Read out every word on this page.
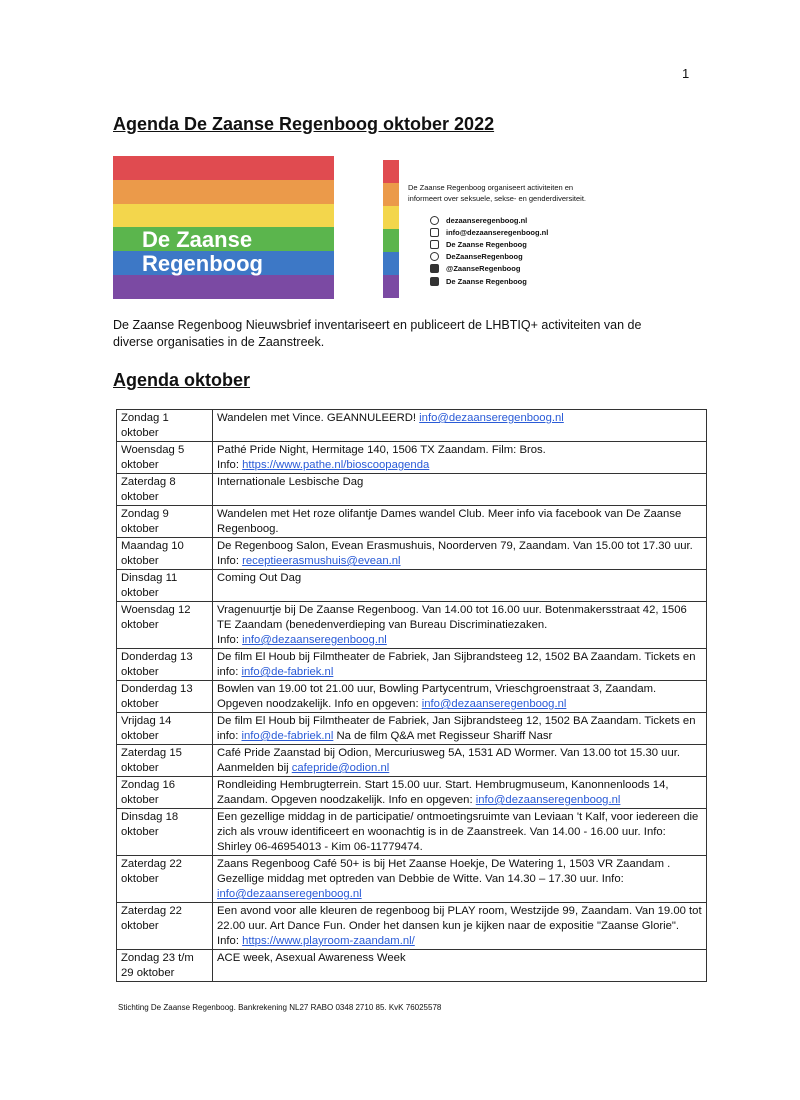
1
Agenda De Zaanse Regenboog oktober 2022
De Zaanse
Regenboog
De Zaanse Regenboog organiseert activiteiten en informeert over seksuele, sekse- en genderdiversiteit.
dezaanseregenboog.nl
info@dezaanseregenboog.nl
De Zaanse Regenboog
DeZaanseRegenboog
@ZaanseRegenboog
De Zaanse Regenboog

De Zaanse Regenboog Nieuwsbrief inventariseert en publiceert de LHBTIQ+ activiteiten van de diverse organisaties in de Zaanstreek.

Agenda oktober
Zondag 1 oktober	Wandelen met Vince. GEANNULEERD! info@dezaanseregenboog.nl
Woensdag 5 oktober	Pathé Pride Night, Hermitage 140, 1506 TX Zaandam. Film: Bros.
Info: https://www.pathe.nl/bioscoopagenda
Zaterdag 8 oktober	Internationale Lesbische Dag
Zondag 9 oktober	Wandelen met Het roze olifantje Dames wandel Club. Meer info via facebook van De Zaanse Regenboog.
Maandag 10 oktober	De Regenboog Salon, Evean Erasmushuis, Noorderven 79, Zaandam. Van 15.00 tot 17.30 uur. Info: receptieerasmushuis@evean.nl
Dinsdag 11 oktober	Coming Out Dag
Woensdag 12 oktober	Vragenuurtje bij De Zaanse Regenboog. Van 14.00 tot 16.00 uur. Botenmakersstraat 42, 1506 TE Zaandam (benedenverdieping van Bureau Discriminatiezaken.
Info: info@dezaanseregenboog.nl
Donderdag 13 oktober	De film El Houb bij Filmtheater de Fabriek, Jan Sijbrandsteeg 12, 1502 BA Zaandam. Tickets en info: info@de-fabriek.nl
Donderdag 13 oktober	Bowlen van 19.00 tot 21.00 uur, Bowling Partycentrum, Vrieschgroenstraat 3, Zaandam. Opgeven noodzakelijk. Info en opgeven: info@dezaanseregenboog.nl
Vrijdag 14 oktober	De film El Houb bij Filmtheater de Fabriek, Jan Sijbrandsteeg 12, 1502 BA Zaandam. Tickets en info: info@de-fabriek.nl Na de film Q&A met Regisseur Shariff Nasr
Zaterdag 15 oktober	Café Pride Zaanstad bij Odion, Mercuriusweg 5A, 1531 AD Wormer. Van 13.00 tot 15.30 uur. Aanmelden bij cafepride@odion.nl
Zondag 16 oktober	Rondleiding Hembrugterrein. Start 15.00 uur. Start. Hembrugmuseum, Kanonnenloods 14, Zaandam. Opgeven noodzakelijk. Info en opgeven: info@dezaanseregenboog.nl
Dinsdag 18 oktober	Een gezellige middag in de participatie/ ontmoetingsruimte van Leviaan 't Kalf, voor iedereen die zich als vrouw identificeert en woonachtig is in de Zaanstreek. Van 14.00 - 16.00 uur. Info: Shirley 06-46954013 - Kim 06-11779474.
Zaterdag 22 oktober	Zaans Regenboog Café 50+ is bij Het Zaanse Hoekje, De Watering 1, 1503 VR Zaandam . Gezellige middag met optreden van Debbie de Witte. Van 14.30 – 17.30 uur. Info: info@dezaanseregenboog.nl
Zaterdag 22 oktober	Een avond voor alle kleuren de regenboog bij PLAY room, Westzijde 99, Zaandam. Van 19.00 tot 22.00 uur. Art Dance Fun. Onder het dansen kun je kijken naar de expositie "Zaanse Glorie". Info: https://www.playroom-zaandam.nl/
Zondag 23 t/m 29 oktober	ACE week, Asexual Awareness Week
Stichting De Zaanse Regenboog. Bankrekening NL27 RABO 0348 2710 85. KvK 76025578
